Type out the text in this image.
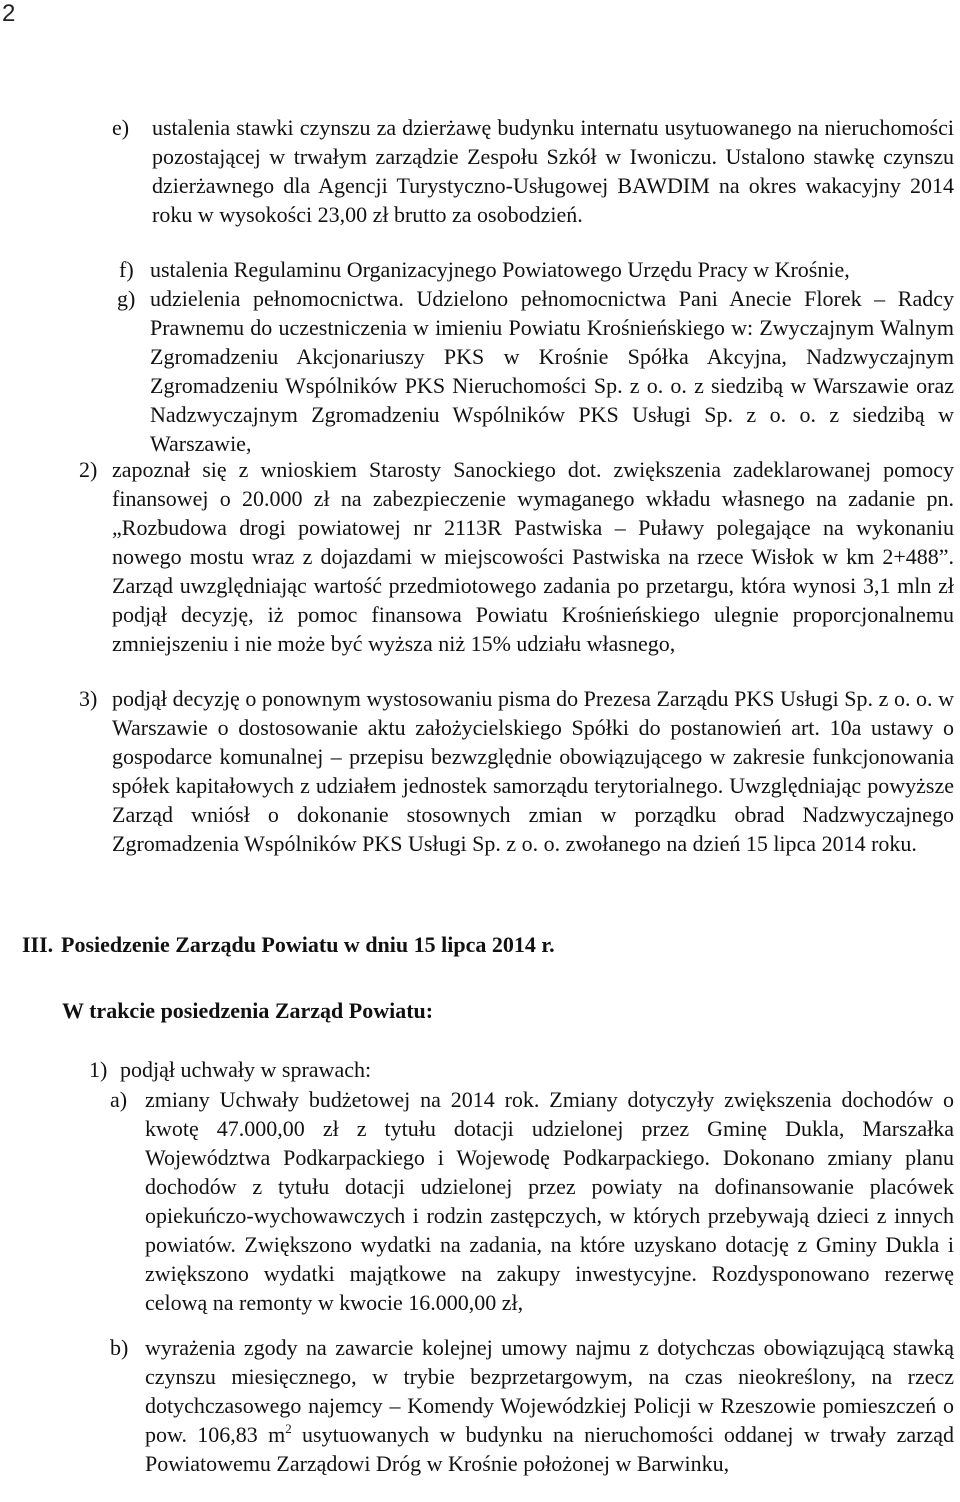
2
e) ustalenia stawki czynszu za dzierżawę budynku internatu usytuowanego na nieruchomości pozostającej w trwałym zarządzie Zespołu Szkół w Iwoniczu. Ustalono stawkę czynszu dzierżawnego dla Agencji Turystyczno-Usługowej BAWDIM na okres wakacyjny 2014 roku w wysokości 23,00 zł brutto za osobodzień.
f) ustalenia Regulaminu Organizacyjnego Powiatowego Urzędu Pracy w Krośnie,
g) udzielenia pełnomocnictwa. Udzielono pełnomocnictwa Pani Anecie Florek – Radcy Prawnemu do uczestniczenia w imieniu Powiatu Krośnieńskiego w: Zwyczajnym Walnym Zgromadzeniu Akcjonariuszy PKS w Krośnie Spółka Akcyjna, Nadzwyczajnym Zgromadzeniu Wspólników PKS Nieruchomości Sp. z o. o. z siedzibą w Warszawie oraz Nadzwyczajnym Zgromadzeniu Wspólników PKS Usługi Sp. z o. o. z siedzibą w Warszawie,
2) zapoznał się z wnioskiem Starosty Sanockiego dot. zwiększenia zadeklarowanej pomocy finansowej o 20.000 zł na zabezpieczenie wymaganego wkładu własnego na zadanie pn. „Rozbudowa drogi powiatowej nr 2113R Pastwiska – Puławy polegające na wykonaniu nowego mostu wraz z dojazdami w miejscowości Pastwiska na rzece Wisłok w km 2+488”. Zarząd uwzględniając wartość przedmiotowego zadania po przetargu, która wynosi 3,1 mln zł podjął decyzję, iż pomoc finansowa Powiatu Krośnieńskiego ulegnie proporcjonalnemu zmniejszeniu i nie może być wyższa niż 15% udziału własnego,
3) podjął decyzję o ponownym wystosowaniu pisma do Prezesa Zarządu PKS Usługi Sp. z o. o. w Warszawie o dostosowanie aktu założycielskiego Spółki do postanowień art. 10a ustawy o gospodarce komunalnej – przepisu bezwzględnie obowiązującego w zakresie funkcjonowania spółek kapitałowych z udziałem jednostek samorządu terytorialnego. Uwzględniając powyższe Zarząd wniósł o dokonanie stosownych zmian w porządku obrad Nadzwyczajnego Zgromadzenia Wspólników PKS Usługi Sp. z o. o. zwołanego na dzień 15 lipca 2014 roku.
III. Posiedzenie Zarządu Powiatu w dniu 15 lipca 2014 r.
W trakcie posiedzenia Zarząd Powiatu:
1) podjął uchwały w sprawach:
a) zmiany Uchwały budżetowej na 2014 rok. Zmiany dotyczyły zwiększenia dochodów o kwotę 47.000,00 zł z tytułu dotacji udzielonej przez Gminę Dukla, Marszałka Województwa Podkarpackiego i Wojewodę Podkarpackiego. Dokonano zmiany planu dochodów z tytułu dotacji udzielonej przez powiaty na dofinansowanie placówek opiekuńczo-wychowawczych i rodzin zastępczych, w których przebywają dzieci z innych powiatów. Zwiększono wydatki na zadania, na które uzyskano dotację z Gminy Dukla i zwiększono wydatki majątkowe na zakupy inwestycyjne. Rozdysponowano rezerwę celową na remonty w kwocie 16.000,00 zł,
b) wyrażenia zgody na zawarcie kolejnej umowy najmu z dotychczas obowiązującą stawką czynszu miesięcznego, w trybie bezprzetargowym, na czas nieokreślony, na rzecz dotychczasowego najemcy – Komendy Wojewódzkiej Policji w Rzeszowie pomieszczeń o pow. 106,83 $m^2$ usytuowanych w budynku na nieruchomości oddanej w trwały zarząd Powiatowemu Zarządowi Dróg w Krośnie położonej w Barwinku,
